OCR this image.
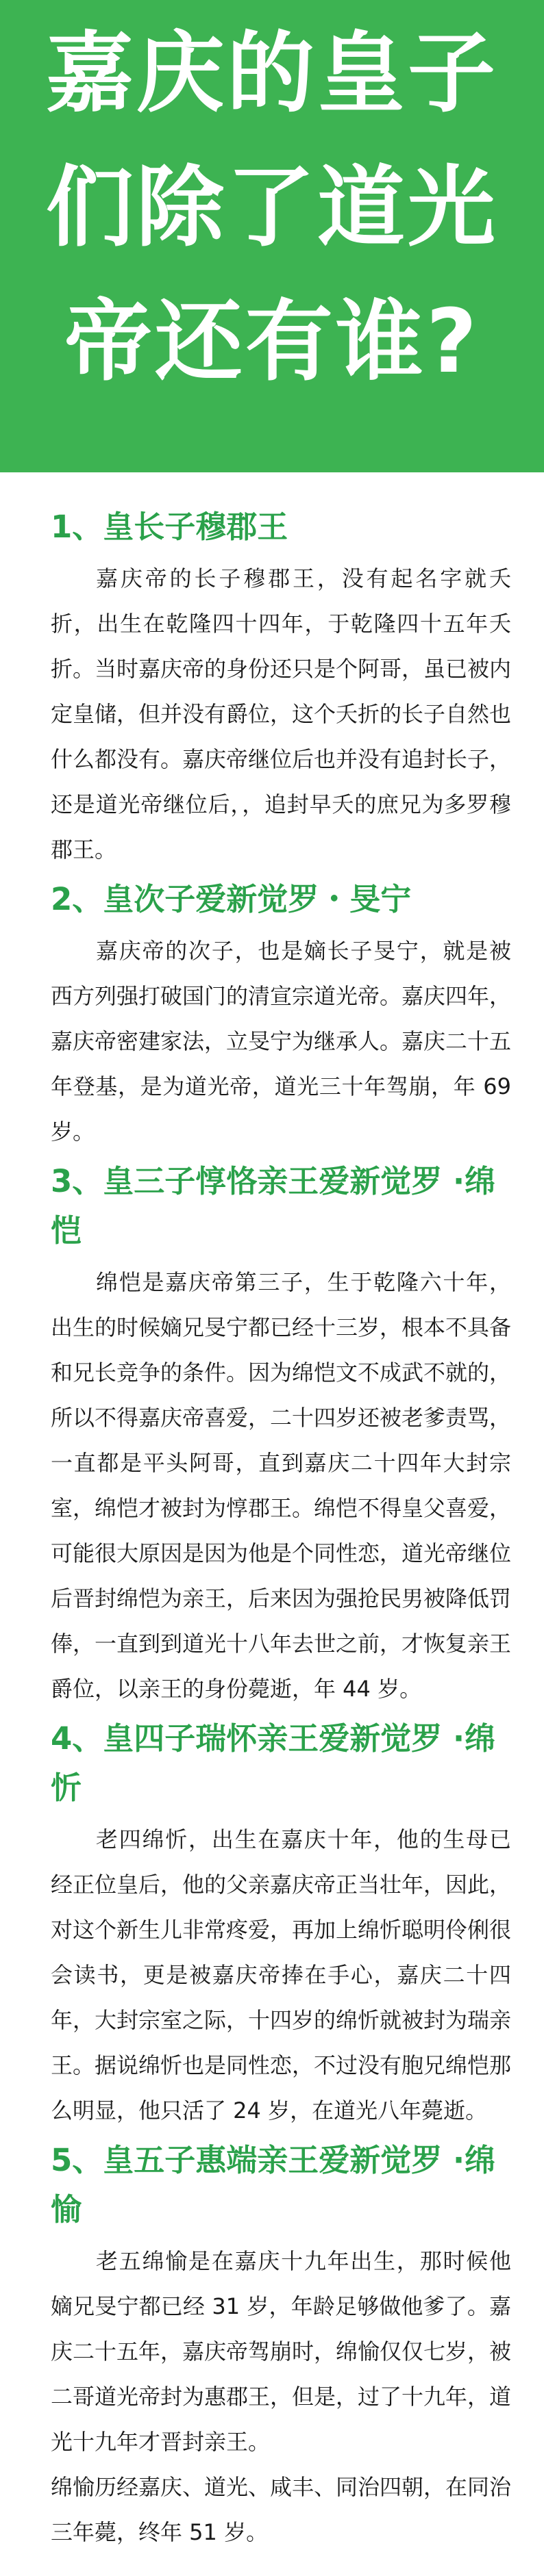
嘉庆的皇子
们除了道光
帝还有谁?
1、皇长子穆郡王

嘉庆帝的长子穆郡王，没有起名字就夭折，出生在乾隆四十四年，于乾隆四十五年夭折。当时嘉庆帝的身份还只是个阿哥，虽已被内定皇储，但并没有爵位，这个夭折的长子自然也什么都没有。嘉庆帝继位后也并没有追封长子，还是道光帝继位后，，追封早夭的庶兄为多罗穆郡王。

2、皇次子爱新觉罗・旻宁

嘉庆帝的次子，也是嫡长子旻宁，就是被西方列强打破国门的清宣宗道光帝。嘉庆四年，嘉庆帝密建家法，立旻宁为继承人。嘉庆二十五年登基，是为道光帝，道光三十年驾崩，年 69 岁。

3、皇三子惇恪亲王爱新觉罗 ·绵恺

绵恺是嘉庆帝第三子，生于乾隆六十年，出生的时候嫡兄旻宁都已经十三岁，根本不具备和兄长竞争的条件。因为绵恺文不成武不就的，所以不得嘉庆帝喜爱，二十四岁还被老爹责骂，一直都是平头阿哥，直到嘉庆二十四年大封宗室，绵恺才被封为惇郡王。绵恺不得皇父喜爱，可能很大原因是因为他是个同性恋，道光帝继位后晋封绵恺为亲王，后来因为强抢民男被降低罚俸，一直到到道光十八年去世之前，才恢复亲王爵位，以亲王的身份薨逝，年 44 岁。

4、皇四子瑞怀亲王爱新觉罗 ·绵忻

老四绵忻，出生在嘉庆十年，他的生母已经正位皇后，他的父亲嘉庆帝正当壮年，因此，对这个新生儿非常疼爱，再加上绵忻聪明伶俐很会读书，更是被嘉庆帝捧在手心，嘉庆二十四年，大封宗室之际，十四岁的绵忻就被封为瑞亲王。据说绵忻也是同性恋，不过没有胞兄绵恺那么明显，他只活了 24 岁，在道光八年薨逝。

5、皇五子惠端亲王爱新觉罗 ·绵愉

老五绵愉是在嘉庆十九年出生，那时候他嫡兄旻宁都已经 31 岁，年龄足够做他爹了。嘉庆二十五年，嘉庆帝驾崩时，绵愉仅仅七岁，被二哥道光帝封为惠郡王，但是，过了十九年，道光十九年才晋封亲王。

绵愉历经嘉庆、道光、咸丰、同治四朝，在同治三年薨，终年 51 岁。
